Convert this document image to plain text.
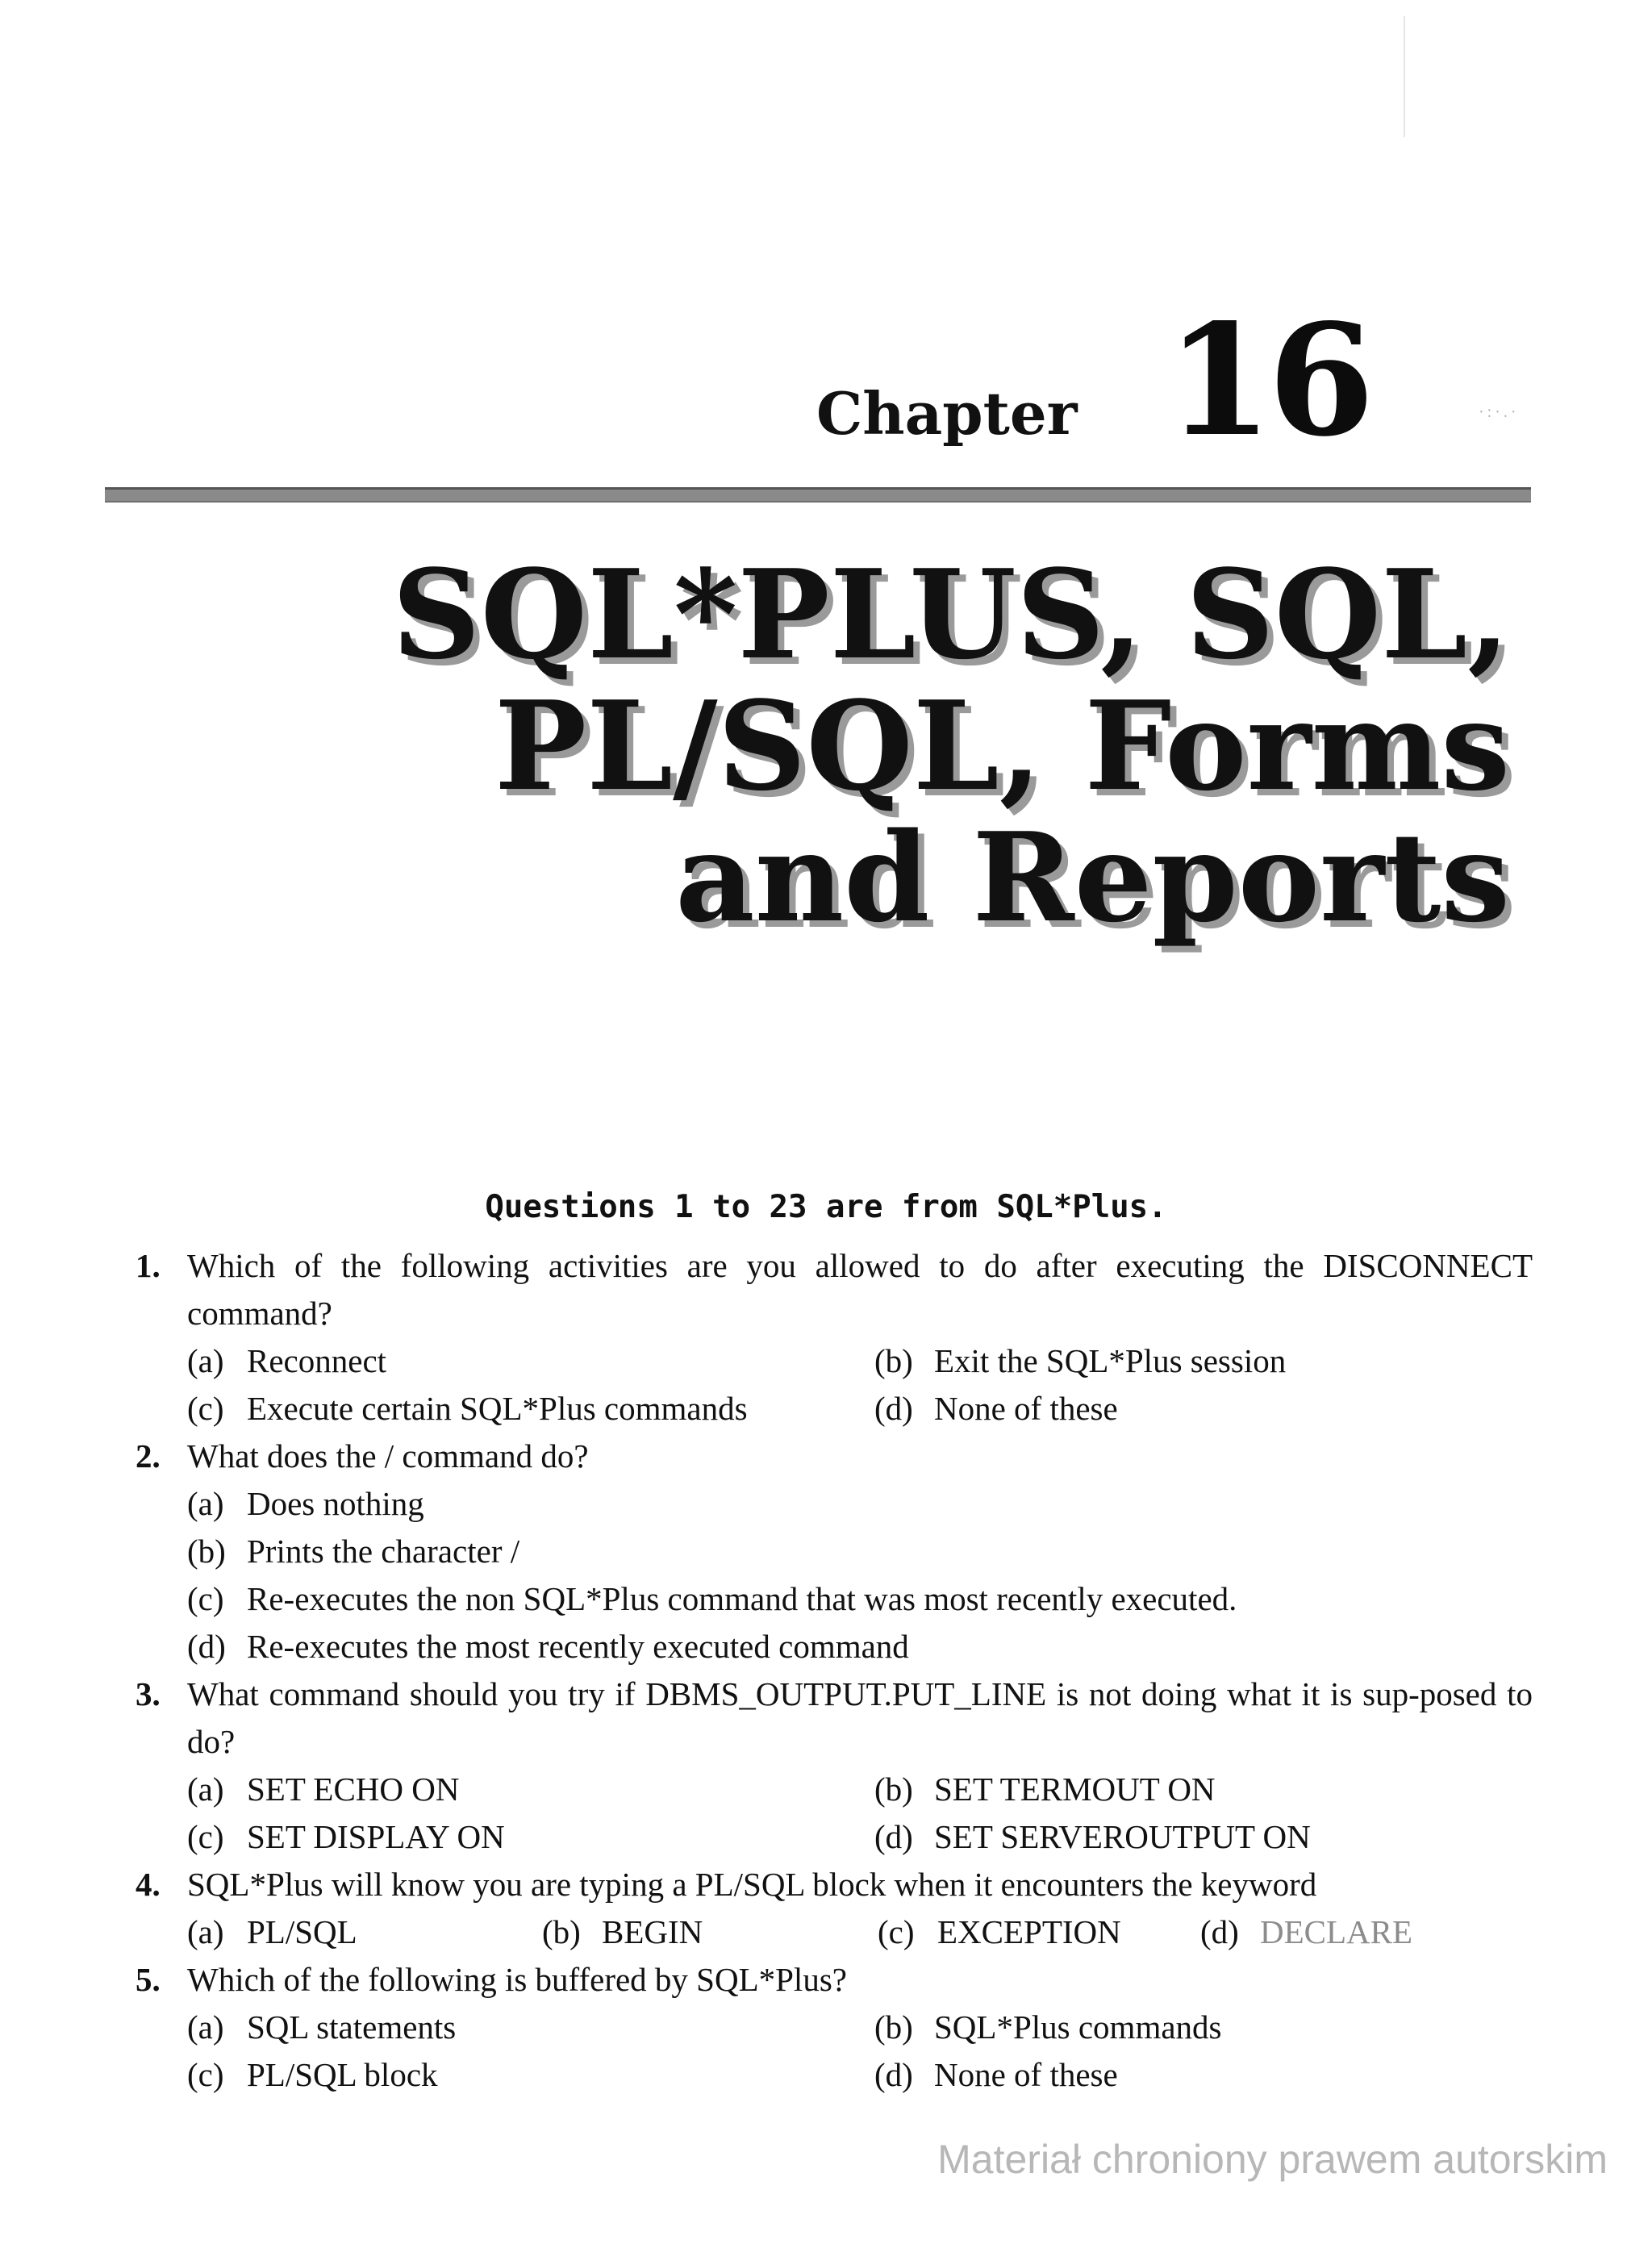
·:·.·
Chapter 16
SQL*PLUS, SQL,
PL/SQL, Forms
and Reports
Questions 1 to 23 are from SQL*Plus.
1. Which of the following activities are you allowed to do after executing the DISCONNECT command?
(a) Reconnect	(b) Exit the SQL*Plus session
(c) Execute certain SQL*Plus commands	(d) None of these
2. What does the / command do?
(a) Does nothing
(b) Prints the character /
(c) Re-executes the non SQL*Plus command that was most recently executed.
(d) Re-executes the most recently executed command
3. What command should you try if DBMS_OUTPUT.PUT_LINE is not doing what it is sup-posed to do?
(a) SET ECHO ON	(b) SET TERMOUT ON
(c) SET DISPLAY ON	(d) SET SERVEROUTPUT ON
4. SQL*Plus will know you are typing a PL/SQL block when it encounters the keyword
(a) PL/SQL	(b) BEGIN	(c) EXCEPTION	(d) DECLARE
5. Which of the following is buffered by SQL*Plus?
(a) SQL statements	(b) SQL*Plus commands
(c) PL/SQL block	(d) None of these
Materiał chroniony prawem autorskim
